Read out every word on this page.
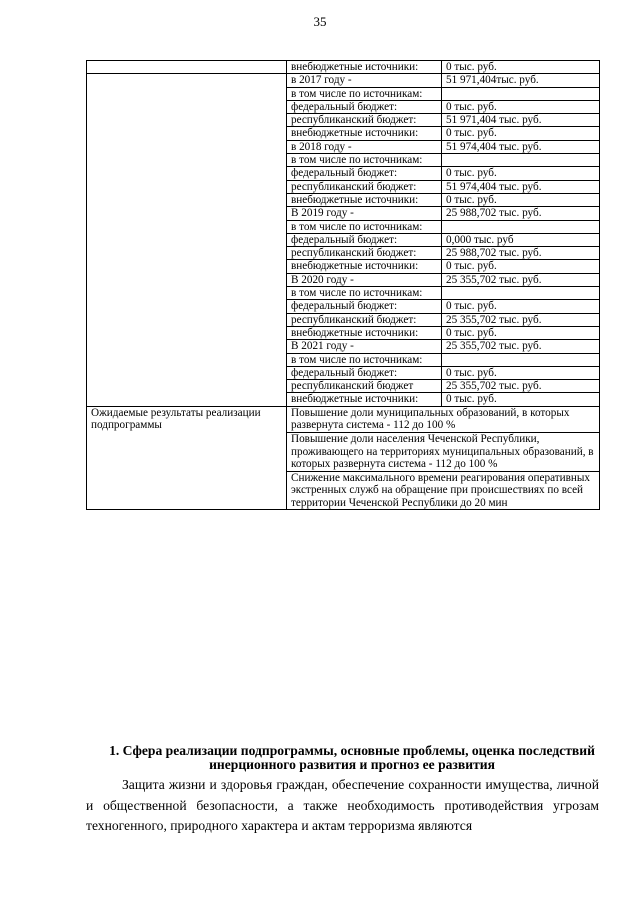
35
	внебюджетные источники:	0 тыс. руб.
	в 2017 году -	51 971,404тыс. руб.
	в том числе по источникам:	
	федеральный бюджет:	0 тыс. руб.
	республиканский бюджет:	51 971,404 тыс. руб.
	внебюджетные источники:	0 тыс. руб.
	в 2018 году -	51 974,404 тыс. руб.
	в том числе по источникам:	
	федеральный бюджет:	0 тыс. руб.
	республиканский бюджет:	51 974,404 тыс. руб.
	внебюджетные источники:	0 тыс. руб.
	В 2019 году -	25 988,702 тыс. руб.
	в том числе по источникам:	
	федеральный бюджет:	0,000 тыс. руб
	республиканский бюджет:	25 988,702 тыс. руб.
	внебюджетные источники:	0 тыс. руб.
	В 2020 году -	25 355,702 тыс. руб.
	в том числе по источникам:	
	федеральный бюджет:	0 тыс. руб.
	республиканский бюджет:	25 355,702 тыс. руб.
	внебюджетные источники:	0 тыс. руб.
	В 2021 году -	25 355,702 тыс. руб.
	в том числе по источникам:	
	федеральный бюджет:	0 тыс. руб.
	республиканский бюджет	25 355,702 тыс. руб.
	внебюджетные источники:	0 тыс. руб.
Ожидаемые результаты реализации подпрограммы	Повышение доли муниципальных образований, в которых развернута система - 112 до 100 %	
	Повышение доли населения Чеченской Республики, проживающего на территориях муниципальных образований, в которых развернута система - 112 до 100 %	
	Снижение максимального времени реагирования оперативных экстренных служб на обращение при происшествиях по всей территории Чеченской Республики до 20 мин	
1. Сфера реализации подпрограммы, основные проблемы, оценка последствий инерционного развития и прогноз ее развития

Защита жизни и здоровья граждан, обеспечение сохранности имущества, личной и общественной безопасности, а также необходимость противодействия угрозам техногенного, природного характера и актам терроризма являются
